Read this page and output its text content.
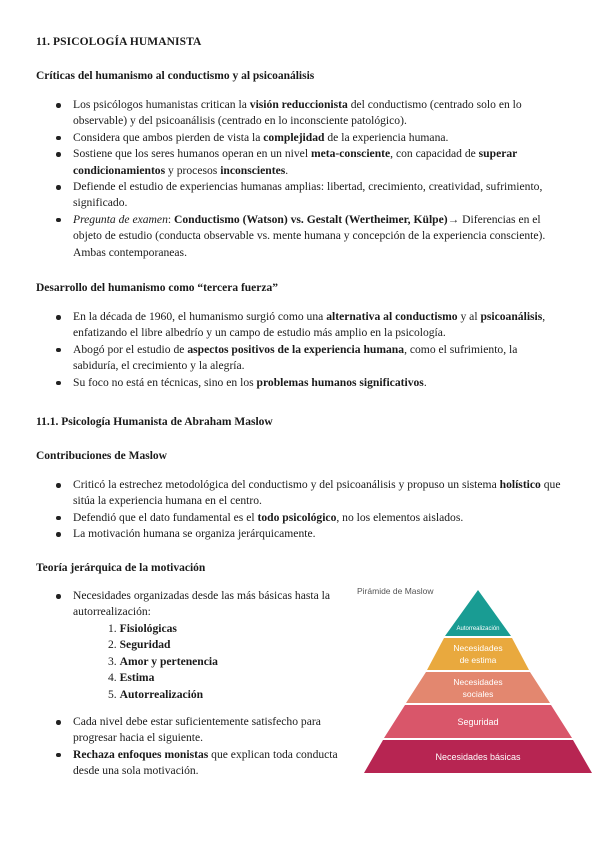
11. PSICOLOGÍA HUMANISTA
Críticas del humanismo al conductismo y al psicoanálisis
Los psicólogos humanistas critican la visión reduccionista del conductismo (centrado solo en lo observable) y del psicoanálisis (centrado en lo inconsciente patológico).
Considera que ambos pierden de vista la complejidad de la experiencia humana.
Sostiene que los seres humanos operan en un nivel meta-consciente, con capacidad de superar condicionamientos y procesos inconscientes.
Defiende el estudio de experiencias humanas amplias: libertad, crecimiento, creatividad, sufrimiento, significado.
Pregunta de examen: Conductismo (Watson) vs. Gestalt (Wertheimer, Külpe)→ Diferencias en el objeto de estudio (conducta observable vs. mente humana y concepción de la experiencia consciente). Ambas contemporaneas.
Desarrollo del humanismo como “tercera fuerza”
En la década de 1960, el humanismo surgió como una alternativa al conductismo y al psicoanálisis, enfatizando el libre albedrío y un campo de estudio más amplio en la psicología.
Abogó por el estudio de aspectos positivos de la experiencia humana, como el sufrimiento, la sabiduría, el crecimiento y la alegría.
Su foco no está en técnicas, sino en los problemas humanos significativos.
11.1. Psicología Humanista de Abraham Maslow
Contribuciones de Maslow
Criticó la estrechez metodológica del conductismo y del psicoanálisis y propuso un sistema holístico que sitúa la experiencia humana en el centro.
Defendió que el dato fundamental es el todo psicológico, no los elementos aislados.
La motivación humana se organiza jerárquicamente.
Teoría jerárquica de la motivación
Necesidades organizadas desde las más básicas hasta la autorrealización:
1. Fisiológicas
2. Seguridad
3. Amor y pertenencia
4. Estima
5. Autorrealización
Cada nivel debe estar suficientemente satisfecho para progresar hacia el siguiente.
Rechaza enfoques monistas que explican toda conducta desde una sola motivación.
Pirámide de Maslow
Autorrealización
Necesidades
de estima
Necesidades
sociales
Seguridad
Necesidades básicas
